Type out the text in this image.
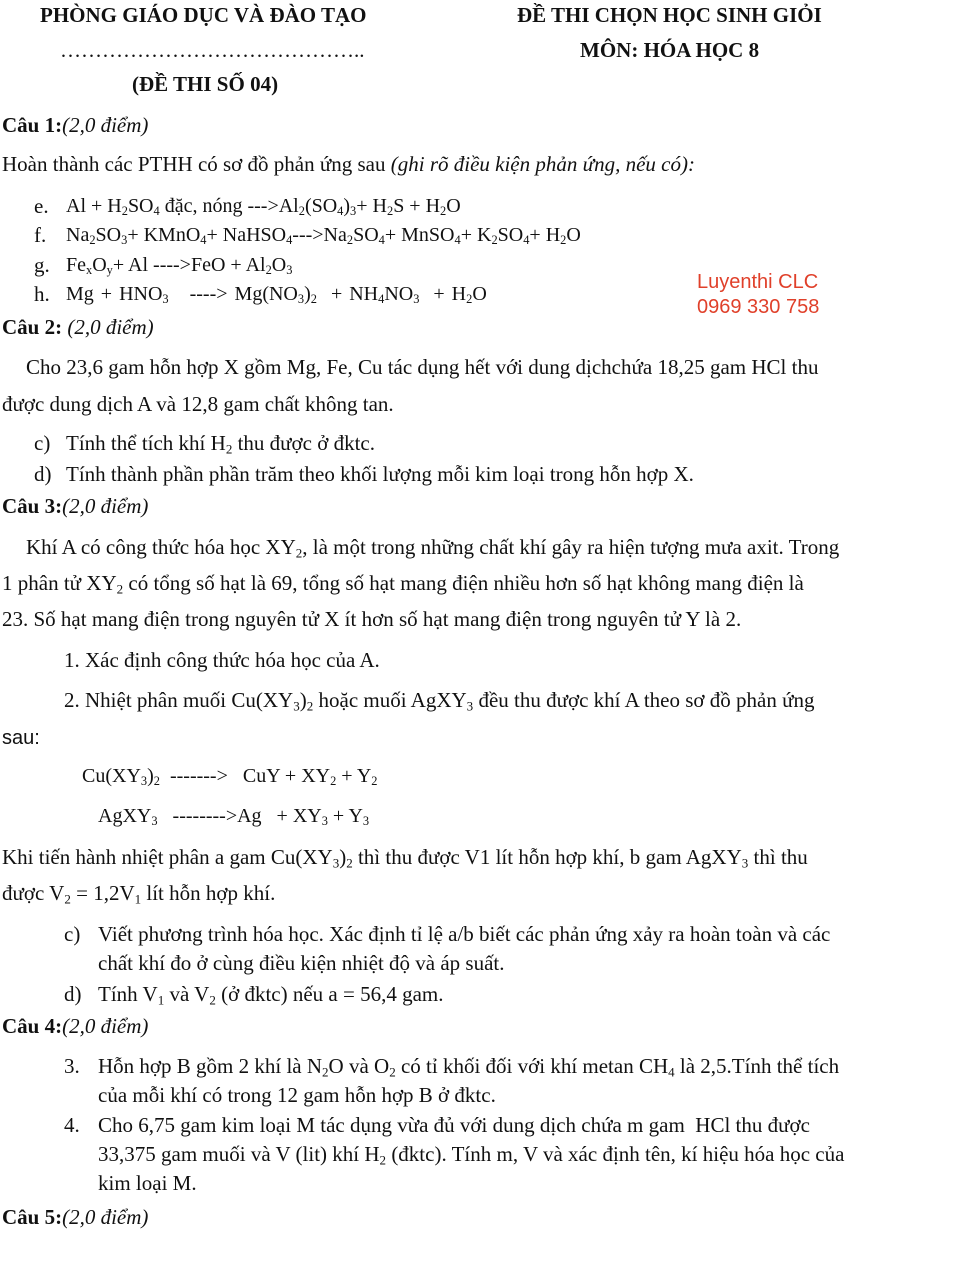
PHÒNG GIÁO DỤC VÀ ĐÀO TẠO	ĐỀ THI CHỌN HỌC SINH GIỎI
……………………………………..	MÔN: HÓA HỌC 8
(ĐỀ THI SỐ 04)
Luyenthi CLC
0969 330 758
Câu 1:(2,0 điểm)
Hoàn thành các PTHH có sơ đồ phản ứng sau (ghi rõ điều kiện phản ứng, nếu có):
e. $Al + H_2SO_4$ đặc, nóng $--->Al_2(SO_4)_3+ H_2S + H_2O$
f. $Na_2SO_3+$ KMnO$_4$+ $NaHSO_4--->Na_2SO_4+$ MnSO$_4$+ $K_2SO_4+ H_2O$
g. $Fe_xO_y+ Al$ $---->FeO + Al_2O_3$
h. $Mg + HNO_3$   ----> $Mg(NO_3)_2 + NH_4NO_3 + H_2O$
Câu 2: (2,0 điểm)
Cho 23,6 gam hỗn hợp X gồm Mg, Fe, Cu tác dụng hết với dung dịchchứa 18,25 gam HCl thu
được dung dịch A và 12,8 gam chất không tan.
c) Tính thể tích khí $H_2$ thu được ở đktc.
d) Tính thành phần phần trăm theo khối lượng mỗi kim loại trong hỗn hợp X.
Câu 3:(2,0 điểm)
Khí A có công thức hóa học $XY_2$, là một trong những chất khí gây ra hiện tượng mưa axit. Trong
1 phân tử $XY_2$ có tổng số hạt là 69, tổng số hạt mang điện nhiều hơn số hạt không mang điện là
23. Số hạt mang điện trong nguyên tử X ít hơn số hạt mang điện trong nguyên tử Y là 2.
1. Xác định công thức hóa học của A.
2. Nhiệt phân muối $Cu(XY_3)_2$ hoặc muối AgXY$_3$ đều thu được khí A theo sơ đồ phản ứng
sau:
$Cu(XY_3)_2$  ------->   CuY + $XY_2 + Y_2$
AgXY$_3$   $-------->Ag + XY_3 + Y_3$
Khi tiến hành nhiệt phân a gam $Cu(XY_3)_2$ thì thu được V1 lít hỗn hợp khí, b gam AgXY$_3$ thì thu
được $V_2 = 1,2V_1$ lít hỗn hợp khí.
c) Viết phương trình hóa học. Xác định tỉ lệ a/b biết các phản ứng xảy ra hoàn toàn và các
chất khí đo ở cùng điều kiện nhiệt độ và áp suất.
d) Tính $V_1$ và $V_2$ (ở đktc) nếu a = 56,4 gam.
Câu 4:(2,0 điểm)
3. Hỗn hợp B gồm 2 khí là $N_2O$ và $O_2$ có tỉ khối đối với khí metan $CH_4$ là 2,5.Tính thể tích
của mỗi khí có trong 12 gam hỗn hợp B ở đktc.
4. Cho 6,75 gam kim loại M tác dụng vừa đủ với dung dịch chứa m gam  HCl thu được
33,375 gam muối và V (lit) khí $H_2$ (đktc). Tính m, V và xác định tên, kí hiệu hóa học của
kim loại M.
Câu 5:(2,0 điểm)
